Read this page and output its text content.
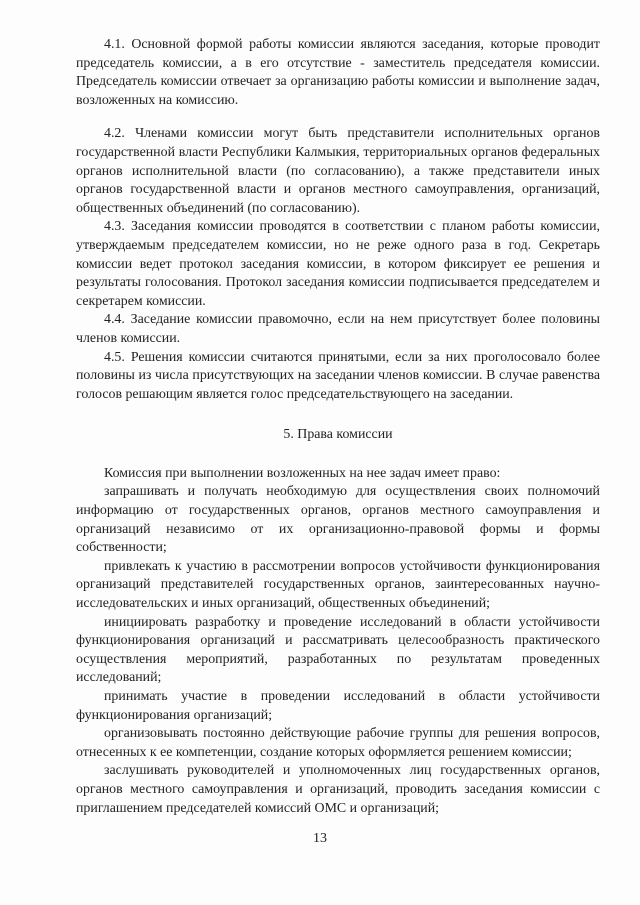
4.1. Основной формой работы комиссии являются заседания, которые проводит председатель комиссии, а в его отсутствие - заместитель председателя комиссии. Председатель комиссии отвечает за организацию работы комиссии и выполнение задач, возложенных на комиссию.

4.2. Членами комиссии могут быть представители исполнительных органов государственной власти Республики Калмыкия, территориальных органов федеральных органов исполнительной власти (по согласованию), а также представители иных органов государственной власти и органов местного самоуправления, организаций, общественных объединений (по согласованию).

4.3. Заседания комиссии проводятся в соответствии с планом работы комиссии, утверждаемым председателем комиссии, но не реже одного раза в год. Секретарь комиссии ведет протокол заседания комиссии, в котором фиксирует ее решения и результаты голосования. Протокол заседания комиссии подписывается председателем и секретарем комиссии.

4.4. Заседание комиссии правомочно, если на нем присутствует более половины членов комиссии.

4.5. Решения комиссии считаются принятыми, если за них проголосовало более половины из числа присутствующих на заседании членов комиссии. В случае равенства голосов решающим является голос председательствующего на заседании.

5. Права комиссии

Комиссия при выполнении возложенных на нее задач имеет право:

запрашивать и получать необходимую для осуществления своих полномочий информацию от государственных органов, органов местного самоуправления и организаций независимо от их организационно-правовой формы и формы собственности;

привлекать к участию в рассмотрении вопросов устойчивости функционирования организаций представителей государственных органов, заинтересованных научно-исследовательских и иных организаций, общественных объединений;

инициировать разработку и проведение исследований в области устойчивости функционирования организаций и рассматривать целесообразность практического осуществления мероприятий, разработанных по результатам проведенных исследований;

принимать участие в проведении исследований в области устойчивости функционирования организаций;

организовывать постоянно действующие рабочие группы для решения вопросов, отнесенных к ее компетенции, создание которых оформляется решением комиссии;

заслушивать руководителей и уполномоченных лиц государственных органов, органов местного самоуправления и организаций, проводить заседания комиссии с приглашением председателей комиссий ОМС и организаций;

13
